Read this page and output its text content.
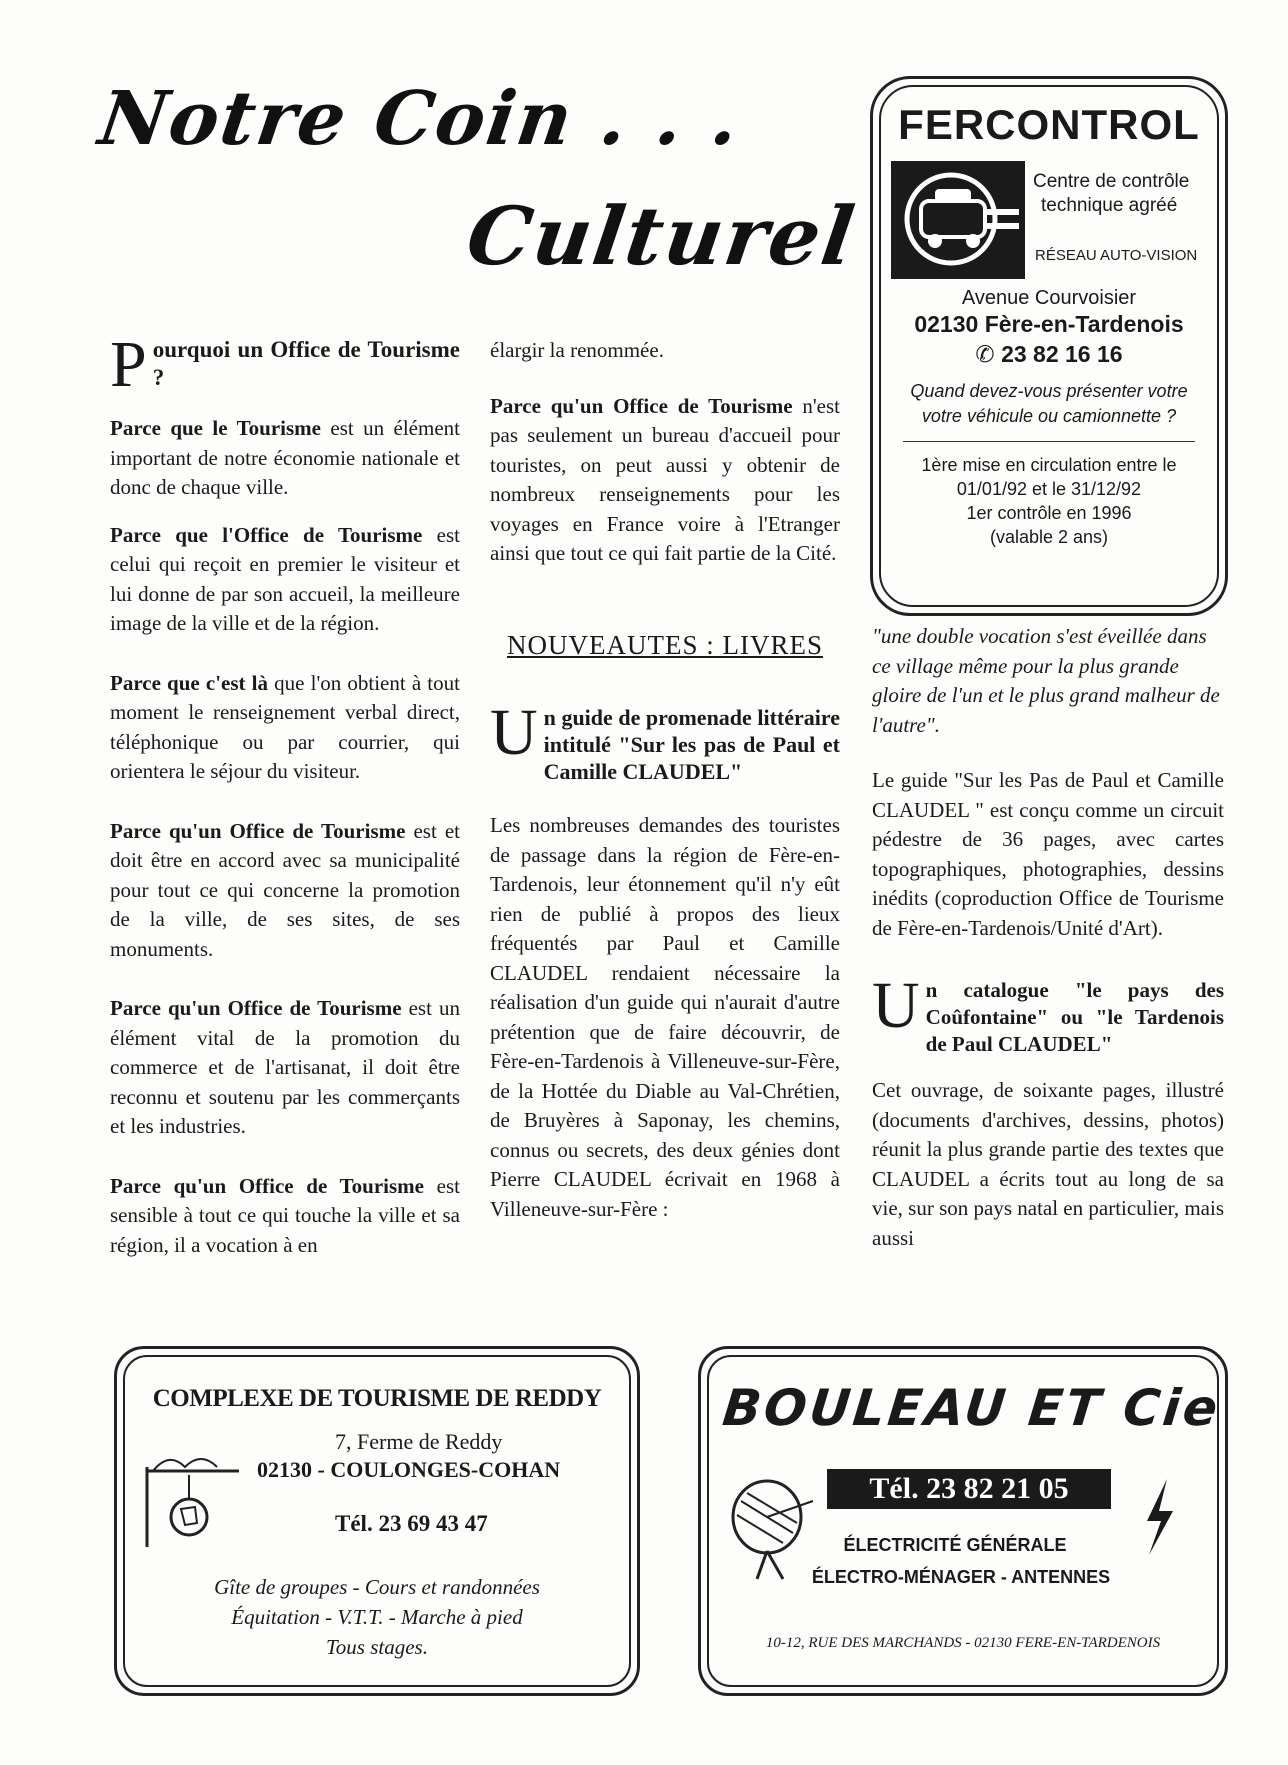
Notre Coin . . .
Culturel
P ourquoi un Office de Tourisme ?

Parce que le Tourisme est un élément important de notre économie nationale et donc de chaque ville.

Parce que l'Office de Tourisme est celui qui reçoit en premier le visiteur et lui donne de par son accueil, la meilleure image de la ville et de la région.

Parce que c'est là que l'on obtient à tout moment le renseignement verbal direct, téléphonique ou par courrier, qui orientera le séjour du visiteur.

Parce qu'un Office de Tourisme est et doit être en accord avec sa municipalité pour tout ce qui concerne la promotion de la ville, de ses sites, de ses monuments.

Parce qu'un Office de Tourisme est un élément vital de la promotion du commerce et de l'artisanat, il doit être reconnu et soutenu par les commerçants et les industries.

Parce qu'un Office de Tourisme est sensible à tout ce qui touche la ville et sa région, il a vocation à en

élargir la renommée.

Parce qu'un Office de Tourisme n'est pas seulement un bureau d'accueil pour touristes, on peut aussi y obtenir de nombreux renseignements pour les voyages en France voire à l'Etranger ainsi que tout ce qui fait partie de la Cité.

NOUVEAUTES : LIVRES
U n guide de promenade littéraire intitulé "Sur les pas de Paul et Camille CLAUDEL"

Les nombreuses demandes des touristes de passage dans la région de Fère-en-Tardenois, leur étonnement qu'il n'y eût rien de publié à propos des lieux fréquentés par Paul et Camille CLAUDEL rendaient nécessaire la réalisation d'un guide qui n'aurait d'autre prétention que de faire découvrir, de Fère-en-Tardenois à Villeneuve-sur-Fère, de la Hottée du Diable au Val-Chrétien, de Bruyères à Saponay, les chemins, connus ou secrets, des deux génies dont Pierre CLAUDEL écrivait en 1968 à Villeneuve-sur-Fère :

"une double vocation s'est éveillée dans ce village même pour la plus grande gloire de l'un et le plus grand malheur de l'autre".

Le guide "Sur les Pas de Paul et Camille CLAUDEL " est conçu comme un circuit pédestre de 36 pages, avec cartes topographiques, photographies, dessins inédits (coproduction Office de Tourisme de Fère-en-Tardenois/Unité d'Art).

U n catalogue "le pays des Coûfontaine" ou "le Tardenois de Paul CLAUDEL"

Cet ouvrage, de soixante pages, illustré (documents d'archives, dessins, photos) réunit la plus grande partie des textes que CLAUDEL a écrits tout au long de sa vie, sur son pays natal en particulier, mais aussi

FERCONTROL
Centre de contrôle
technique agréé
RÉSEAU AUTO-VISION
Avenue Courvoisier
02130 Fère-en-Tardenois
✆ 23 82 16 16
Quand devez-vous présenter votre votre véhicule ou camionnette ?
1ère mise en circulation entre le
01/01/92 et le 31/12/92
1er contrôle en 1996
(valable 2 ans)
COMPLEXE DE TOURISME DE REDDY
7, Ferme de Reddy
02130 - COULONGES-COHAN
Tél. 23 69 43 47
Gîte de groupes - Cours et randonnées
Équitation - V.T.T. - Marche à pied
Tous stages.
BOULEAU ET Cie
Tél. 23 82 21 05
ÉLECTRICITÉ GÉNÉRALE
ÉLECTRO-MÉNAGER - ANTENNES
10-12, RUE DES MARCHANDS - 02130 FERE-EN-TARDENOIS
